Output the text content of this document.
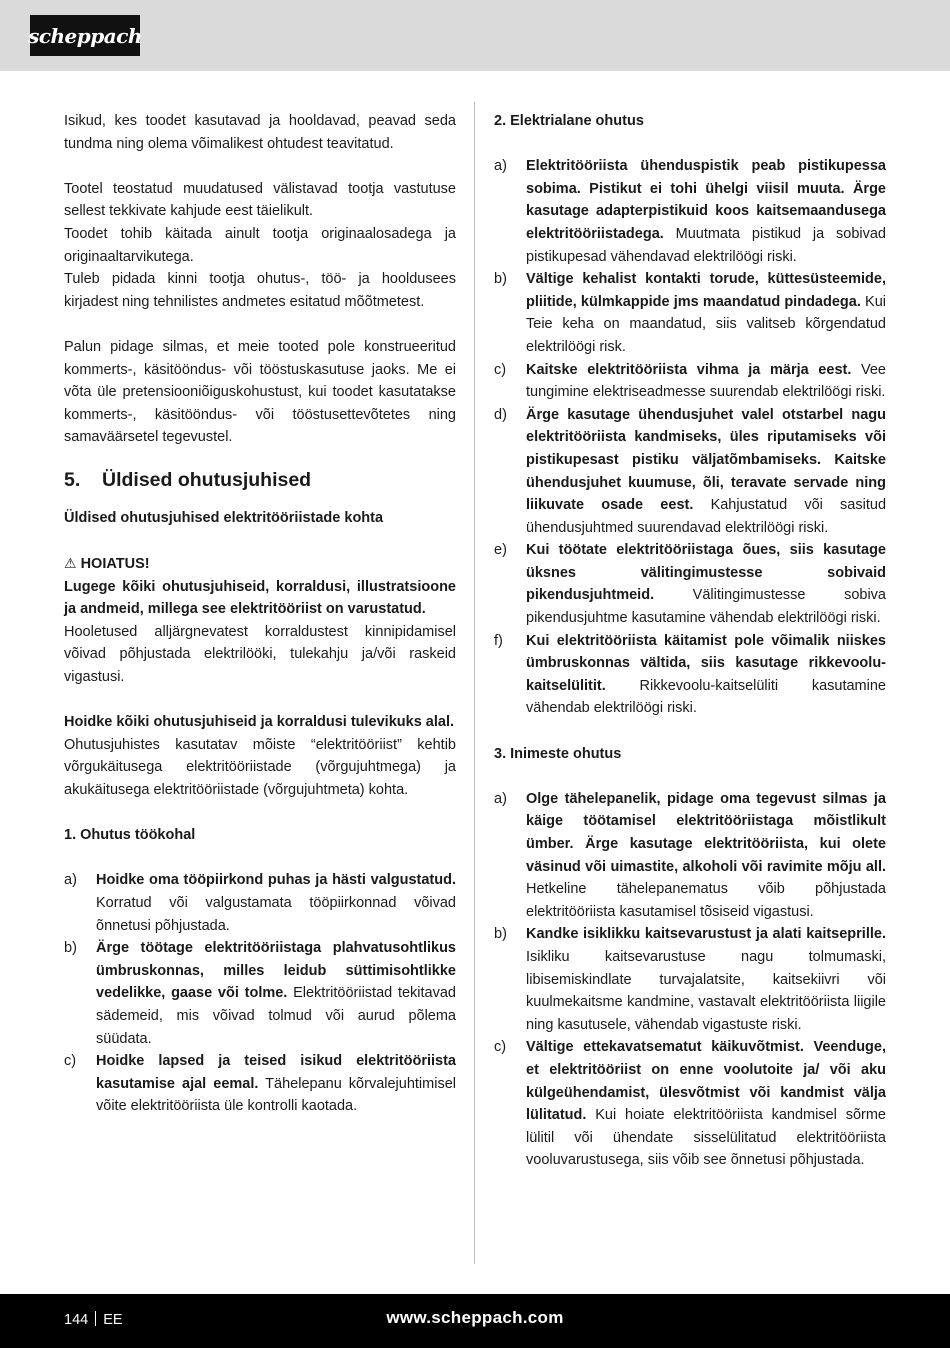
scheppach

Isikud, kes toodet kasutavad ja hooldavad, peavad seda tundma ning olema võimalikest ohtudest teavitatud.

Tootel teostatud muudatused välistavad tootja vastutuse sellest tekkivate kahjude eest täielikult.

Toodet tohib käitada ainult tootja originaalosadega ja originaaltarvikutega.

Tuleb pidada kinni tootja ohutus-, töö- ja hooldusees kirjadest ning tehnilistes andmetes esitatud mõõtmetest.

Palun pidage silmas, et meie tooted pole konstrueeritud kommerts-, käsitööndus- või tööstuskasutuse jaoks. Me ei võta üle pretensiooniõiguskohustust, kui toodet kasutatakse kommerts-, käsitööndus- või tööstusettevõtetes ning samaväärsetel tegevustel.

5. Üldised ohutusjuhised

Üldised ohutusjuhised elektritööriistade kohta

⚠ HOIATUS!

Lugege kõiki ohutusjuhiseid, korraldusi, illustratsioone ja andmeid, millega see elektritööriist on varustatud.

Hooletused alljärgnevatest korraldustest kinnipidamisel võivad põhjustada elektrilööki, tulekahju ja/või raskeid vigastusi.

Hoidke kõiki ohutusjuhiseid ja korraldusi tulevikuks alal.

Ohutusjuhistes kasutatav mõiste “elektritööriist” kehtib võrgukäitusega elektritööriistade (võrgujuhtmega) ja akukäitusega elektritööriistade (võrgujuhtmeta) kohta.

1. Ohutus töökohal

a)	Hoidke oma tööpiirkond puhas ja hästi valgustatud. Korratud või valgustamata tööpiirkonnad võivad õnnetusi põhjustada.
b)	Ärge töötage elektritööriistaga plahvatusohtlikus ümbruskonnas, milles leidub süttimisohtlikke vedelikke, gaase või tolme. Elektritööriistad tekitavad sädemeid, mis võivad tolmud või aurud põlema süüdata.
c)	Hoidke lapsed ja teised isikud elektritööriista kasutamise ajal eemal. Tähelepanu kõrvalejuhtimisel võite elektritööriista üle kontrolli kaotada.

2. Elektrialane ohutus

a)	Elektritööriista ühenduspistik peab pistikupessa sobima. Pistikut ei tohi ühelgi viisil muuta. Ärge kasutage adapterpistikuid koos kaitsemaandusega elektritööriistadega. Muutmata pistikud ja sobivad pistikupesad vähendavad elektrilöögi riski.
b)	Vältige kehalist kontakti torude, küttesüsteemide, pliitide, külmkappide jms maandatud pindadega. Kui Teie keha on maandatud, siis valitseb kõrgendatud elektrilöögi risk.
c)	Kaitske elektritööriista vihma ja märja eest. Vee tungimine elektriseadmesse suurendab elektrilöögi riski.
d)	Ärge kasutage ühendusjuhet valel otstarbel nagu elektritööriista kandmiseks, üles riputamiseks või pistikupesast pistiku väljatõmbamiseks. Kaitske ühendusjuhet kuumuse, õli, teravate servade ning liikuvate osade eest. Kahjustatud või sasitud ühendusjuhtmed suurendavad elektrilöögi riski.
e)	Kui töötate elektritööriistaga õues, siis kasutage üksnes välitingimustesse sobivaid pikendusjuhtmeid. Välitingimustesse sobiva pikendusjuhtme kasutamine vähendab elektrilöögi riski.
f)	Kui elektritööriista käitamist pole võimalik niiskes ümbruskonnas vältida, siis kasutage rikkevoolu-kaitselülitit. Rikkevoolu-kaitselüliti kasutamine vähendab elektrilöögi riski.

3. Inimeste ohutus

a)	Olge tähelepanelik, pidage oma tegevust silmas ja käige töötamisel elektritööriistaga mõistlikult ümber. Ärge kasutage elektritööriista, kui olete väsinud või uimastite, alkoholi või ravimite mõju all. Hetkeline tähelepanematus võib põhjustada elektritööriista kasutamisel tõsiseid vigastusi.
b)	Kandke isiklikku kaitsevarustust ja alati kaitseprille. Isikliku kaitsevarustuse nagu tolmumaski, libisemiskindlate turvajalatsite, kaitsekiivri või kuulmekaitsme kandmine, vastavalt elektritööriista liigile ning kasutusele, vähendab vigastuste riski.
c)	Vältige ettekavatsematut käikuvõtmist. Veenduge, et elektritööriist on enne voolutoite ja/ või aku külgeühendamist, ülesvõtmist või kandmist välja lülitatud. Kui hoiate elektritööriista kandmisel sõrme lülitil või ühendate sisselülitatud elektritööriista vooluvarustusega, siis võib see õnnetusi põhjustada.
144 EE	www.scheppach.com
